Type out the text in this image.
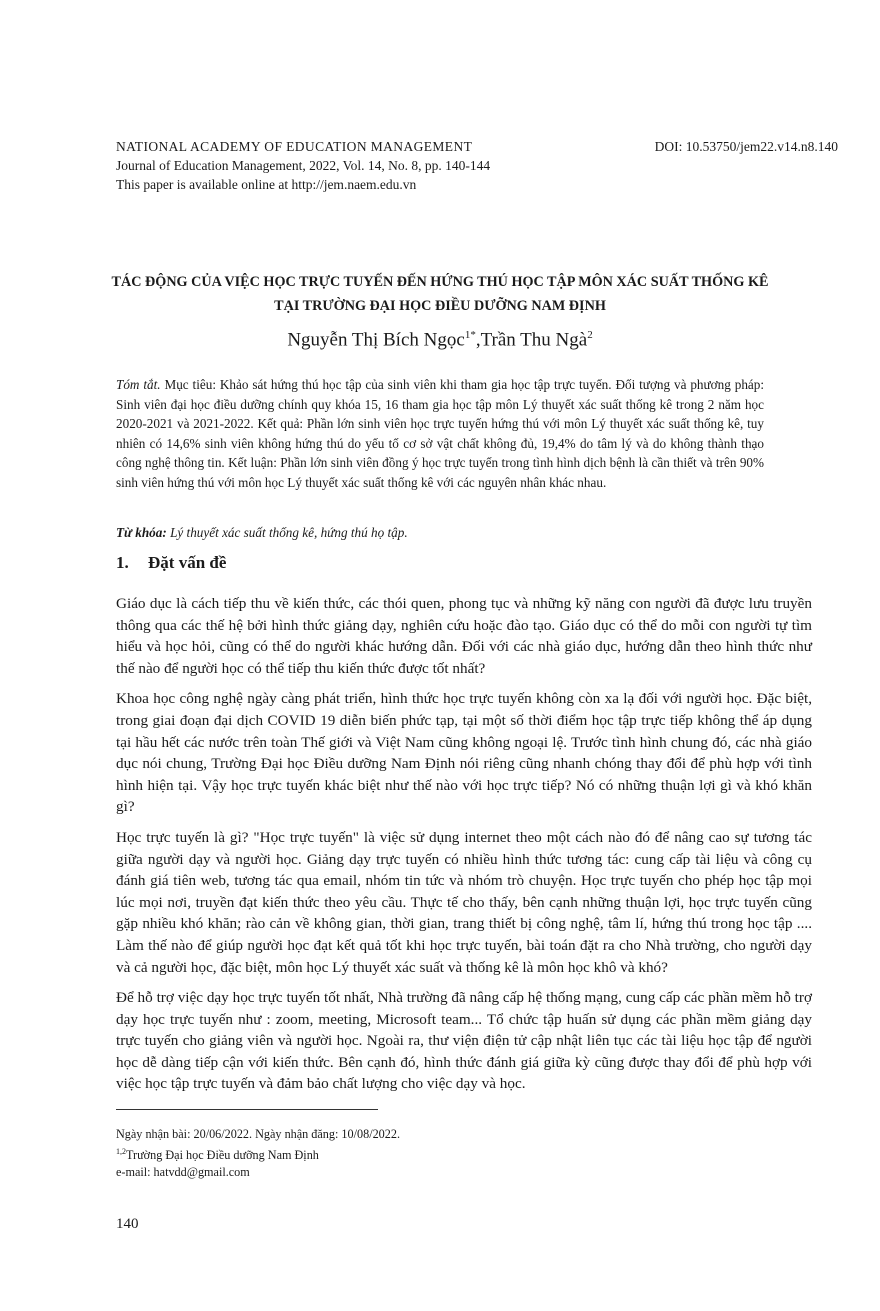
NATIONAL ACADEMY OF EDUCATION MANAGEMENT
Journal of Education Management, 2022, Vol. 14, No. 8, pp. 140-144
This paper is available online at http://jem.naem.edu.vn
DOI: 10.53750/jem22.v14.n8.140
TÁC ĐỘNG CỦA VIỆC HỌC TRỰC TUYẾN ĐẾN HỨNG THÚ HỌC TẬP MÔN XÁC SUẤT THỐNG KÊ
TẠI TRƯỜNG ĐẠI HỌC ĐIỀU DƯỠNG NAM ĐỊNH
Nguyễn Thị Bích Ngọc$^{1*}$,Trần Thu Ngà$^2$
Tóm tắt. Mục tiêu: Khảo sát hứng thú học tập của sinh viên khi tham gia học tập trực tuyến. Đối tượng và phương pháp: Sinh viên đại học điều dưỡng chính quy khóa 15, 16 tham gia học tập môn Lý thuyết xác suất thống kê trong 2 năm học 2020-2021 và 2021-2022. Kết quả: Phần lớn sinh viên học trực tuyến hứng thú với môn Lý thuyết xác suất thống kê, tuy nhiên có 14,6% sinh viên không hứng thú do yếu tố cơ sở vật chất không đủ, 19,4% do tâm lý và do không thành thạo công nghệ thông tin. Kết luận: Phần lớn sinh viên đồng ý học trực tuyến trong tình hình dịch bệnh là cần thiết và trên 90% sinh viên hứng thú với môn học Lý thuyết xác suất thống kê với các nguyên nhân khác nhau.
Từ khóa: Lý thuyết xác suất thống kê, hứng thú họ tập.
1. Đặt vấn đề

Giáo dục là cách tiếp thu về kiến thức, các thói quen, phong tục và những kỹ năng con người đã được lưu truyền thông qua các thế hệ bởi hình thức giảng dạy, nghiên cứu hoặc đào tạo. Giáo dục có thể do mỗi con người tự tìm hiểu và học hỏi, cũng có thể do người khác hướng dẫn. Đối với các nhà giáo dục, hướng dẫn theo hình thức như thế nào để người học có thể tiếp thu kiến thức được tốt nhất?

Khoa học công nghệ ngày càng phát triển, hình thức học trực tuyến không còn xa lạ đối với người học. Đặc biệt, trong giai đoạn đại dịch COVID 19 diễn biến phức tạp, tại một số thời điểm học tập trực tiếp không thể áp dụng tại hầu hết các nước trên toàn Thế giới và Việt Nam cũng không ngoại lệ. Trước tình hình chung đó, các nhà giáo dục nói chung, Trường Đại học Điều dưỡng Nam Định nói riêng cũng nhanh chóng thay đổi để phù hợp với tình hình hiện tại. Vậy học trực tuyến khác biệt như thế nào với học trực tiếp? Nó có những thuận lợi gì và khó khăn gì?

Học trực tuyến là gì? "Học trực tuyến" là việc sử dụng internet theo một cách nào đó để nâng cao sự tương tác giữa người dạy và người học. Giảng dạy trực tuyến có nhiều hình thức tương tác: cung cấp tài liệu và công cụ đánh giá tiên web, tương tác qua email, nhóm tin tức và nhóm trò chuyện. Học trực tuyến cho phép học tập mọi lúc mọi nơi, truyền đạt kiến thức theo yêu cầu. Thực tế cho thấy, bên cạnh những thuận lợi, học trực tuyến cũng gặp nhiều khó khăn; rào cản về không gian, thời gian, trang thiết bị công nghệ, tâm lí, hứng thú trong học tập .... Làm thế nào để giúp người học đạt kết quả tốt khi học trực tuyến, bài toán đặt ra cho Nhà trường, cho người dạy và cả người học, đặc biệt, môn học Lý thuyết xác suất và thống kê là môn học khô và khó?

Để hỗ trợ việc dạy học trực tuyến tốt nhất, Nhà trường đã nâng cấp hệ thống mạng, cung cấp các phần mềm hỗ trợ dạy học trực tuyến như : zoom, meeting, Microsoft team... Tổ chức tập huấn sử dụng các phần mềm giảng dạy trực tuyến cho giảng viên và người học. Ngoài ra, thư viện điện tử cập nhật liên tục các tài liệu học tập để người học dễ dàng tiếp cận với kiến thức. Bên cạnh đó, hình thức đánh giá giữa kỳ cũng được thay đổi để phù hợp với việc học tập trực tuyến và đảm bảo chất lượng cho việc dạy và học.

Ngày nhận bài: 20/06/2022. Ngày nhận đăng: 10/08/2022.
$^{1,2}$Trường Đại học Điều dưỡng Nam Định
e-mail: hatvdd@gmail.com
140
